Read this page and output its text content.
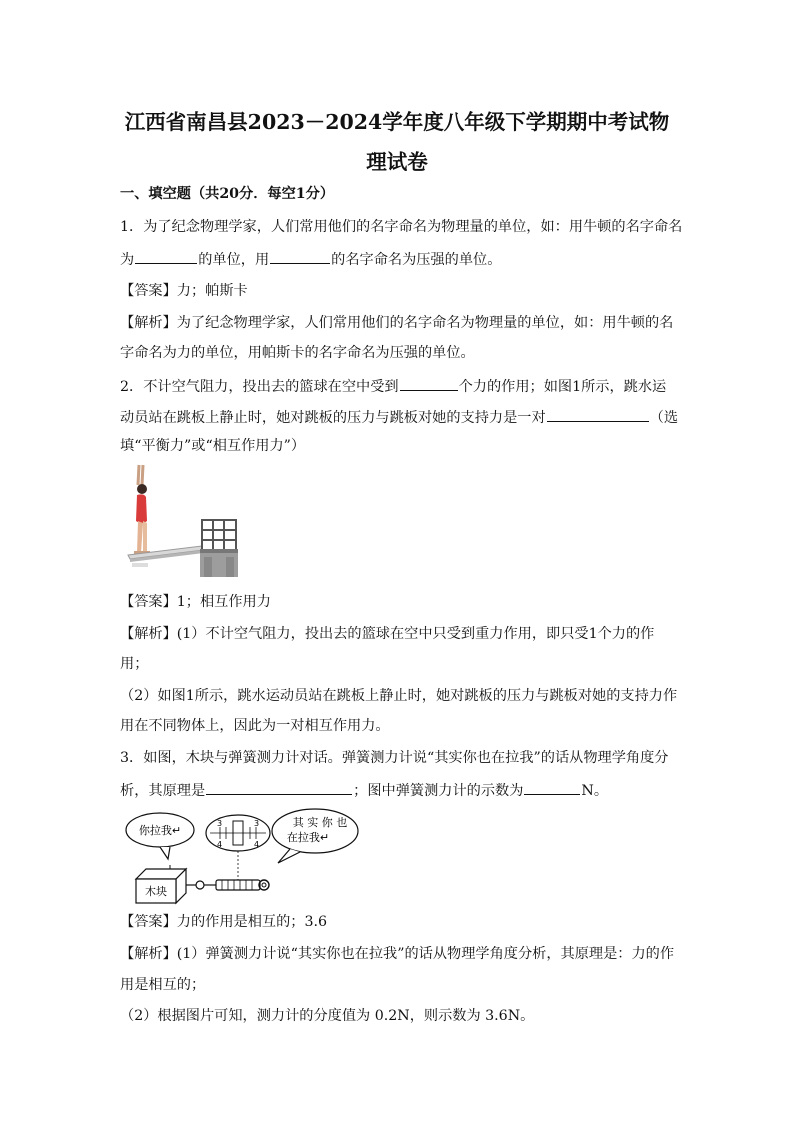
江西省南昌县2023－2024学年度八年级下学期期中考试物
理试卷
一、填空题（共20分．每空1分）
1．为了纪念物理学家，人们常用他们的名字命名为物理量的单位，如：用牛顿的名字命名
为	的单位，用	的名字命名为压强的单位。
【答案】力；帕斯卡
【解析】为了纪念物理学家，人们常用他们的名字命名为物理量的单位，如：用牛顿的名
字命名为力的单位，用帕斯卡的名字命名为压强的单位。
2．不计空气阻力，投出去的篮球在空中受到	个力的作用；如图1所示，跳水运
动员站在跳板上静止时，她对跳板的压力与跳板对她的支持力是一对	（选
填“平衡力”或“相互作用力”）
【答案】1；相互作用力
【解析】(1）不计空气阻力，投出去的篮球在空中只受到重力作用，即只受1个力的作
用；
（2）如图1所示，跳水运动员站在跳板上静止时，她对跳板的压力与跳板对她的支持力作
用在不同物体上，因此为一对相互作用力。
3．如图，木块与弹簧测力计对话。弹簧测力计说“其实你也在拉我”的话从物理学角度分
析，其原理是	；图中弹簧测力计的示数为	N。
你拉我↵
3	3
4	4
其 实 你 也
在拉我↵
木块
【答案】力的作用是相互的；3.6
【解析】(1）弹簧测力计说“其实你也在拉我”的话从物理学角度分析，其原理是：力的作
用是相互的；
（2）根据图片可知，测力计的分度值为 0.2N，则示数为 3.6N。
